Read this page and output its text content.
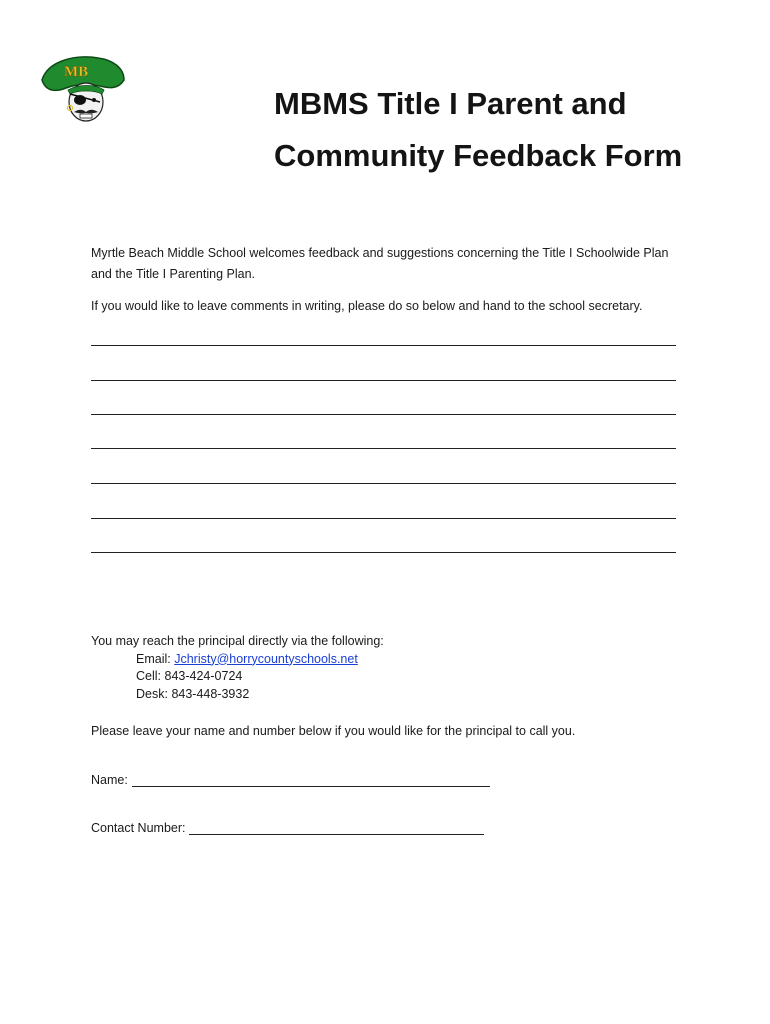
MB
MBMS Title I Parent and
Community Feedback Form

Myrtle Beach Middle School welcomes feedback and suggestions concerning the Title I Schoolwide Plan and the Title I Parenting Plan.

If you would like to leave comments in writing, please do so below and hand to the school secretary.

You may reach the principal directly via the following:
Email: Jchristy@horrycountyschools.net
Cell: 843-424-0724
Desk: 843-448-3932

Please leave your name and number below if you would like for the principal to call you.

Name:
Contact Number:
